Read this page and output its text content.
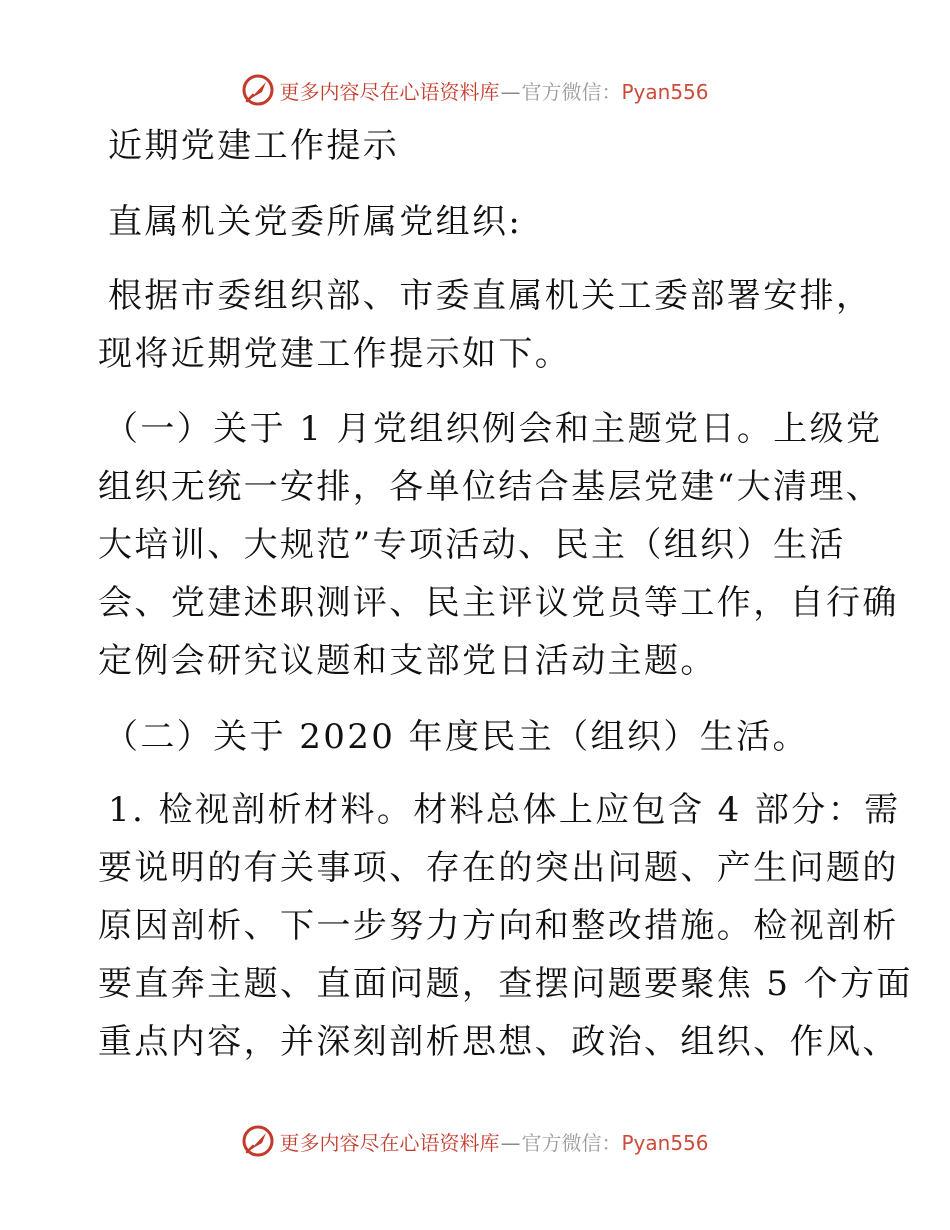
更多内容尽在心语资料库—官方微信：Pyan556
近期党建工作提示
直属机关党委所属党组织:
根据市委组织部、市委直属机关工委部署安排，
现将近期党建工作提示如下。
（一）关于 1 月党组织例会和主题党日。上级党
组织无统一安排，各单位结合基层党建“大清理、
大培训、大规范”专项活动、民主（组织）生活
会、党建述职测评、民主评议党员等工作，自行确
定例会研究议题和支部党日活动主题。
（二）关于 2020 年度民主（组织）生活。
1. 检视剖析材料。材料总体上应包含 4 部分：需
要说明的有关事项、存在的突出问题、产生问题的
原因剖析、下一步努力方向和整改措施。检视剖析
要直奔主题、直面问题，查摆问题要聚焦 5 个方面
重点内容，并深刻剖析思想、政治、组织、作风、
更多内容尽在心语资料库—官方微信：Pyan556
